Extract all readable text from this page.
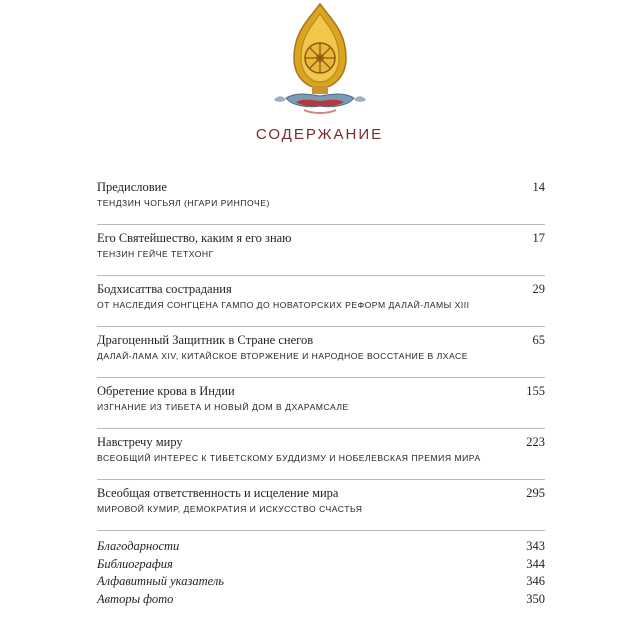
СОДЕРЖАНИЕ
Предисловие	14
ТЕНДЗИН ЧОГЬЯЛ (НГАРИ РИНПОЧЕ)
Его Святейшество, каким я его знаю	17
ТЕНЗИН ГЕЙЧЕ ТЕТХОНГ
Бодхисаттва сострадания	29
ОТ НАСЛЕДИЯ СОНГЦЕНА ГАМПО ДО НОВАТОРСКИХ РЕФОРМ ДАЛАЙ-ЛАМЫ XIII
Драгоценный Защитник в Стране снегов	65
ДАЛАЙ-ЛАМА XIV, КИТАЙСКОЕ ВТОРЖЕНИЕ И НАРОДНОЕ ВОССТАНИЕ В ЛХАСЕ
Обретение крова в Индии	155
ИЗГНАНИЕ ИЗ ТИБЕТА И НОВЫЙ ДОМ В ДХАРАМСАЛЕ
Навстречу миру	223
ВСЕОБЩИЙ ИНТЕРЕС К ТИБЕТСКОМУ БУДДИЗМУ И НОБЕЛЕВСКАЯ ПРЕМИЯ МИРА
Всеобщая ответственность и исцеление мира	295
МИРОВОЙ КУМИР, ДЕМОКРАТИЯ И ИСКУССТВО СЧАСТЬЯ
Благодарности	343
Библиография	344
Алфавитный указатель	346
Авторы фото	350
